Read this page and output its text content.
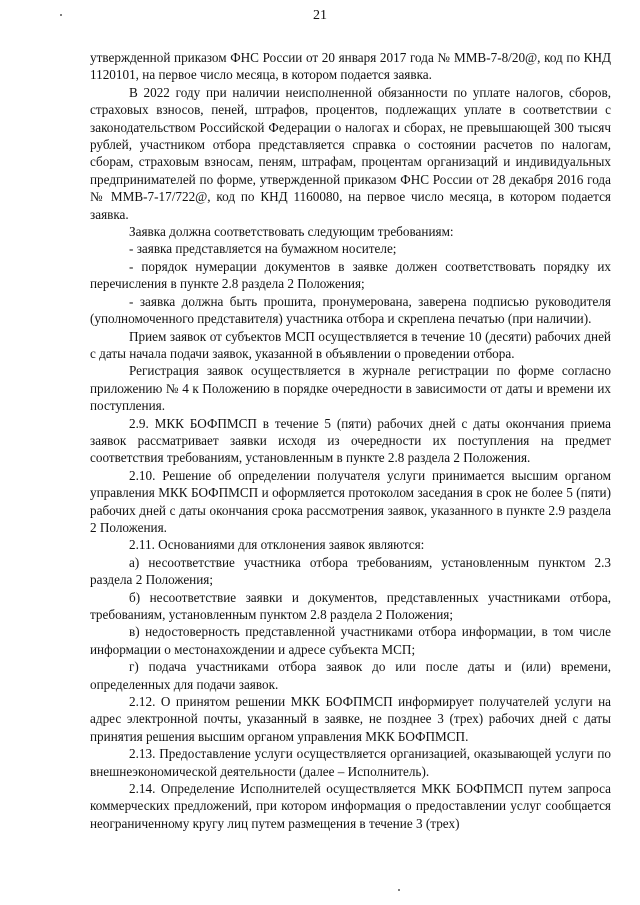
21

утвержденной приказом ФНС России от 20 января 2017 года № ММВ-7-8/20@, код по КНД 1120101, на первое число месяца, в котором подается заявка.

В 2022 году при наличии неисполненной обязанности по уплате налогов, сборов, страховых взносов, пеней, штрафов, процентов, подлежащих уплате в соответствии с законодательством Российской Федерации о налогах и сборах, не превышающей 300 тысяч рублей, участником отбора представляется справка о состоянии расчетов по налогам, сборам, страховым взносам, пеням, штрафам, процентам организаций и индивидуальных предпринимателей по форме, утвержденной приказом ФНС России от 28 декабря 2016 года № ММВ-7-17/722@, код по КНД 1160080, на первое число месяца, в котором подается заявка.

Заявка должна соответствовать следующим требованиям:

- заявка представляется на бумажном носителе;

- порядок нумерации документов в заявке должен соответствовать порядку их перечисления в пункте 2.8 раздела 2 Положения;

- заявка должна быть прошита, пронумерована, заверена подписью руководителя (уполномоченного представителя) участника отбора и скреплена печатью (при наличии).

Прием заявок от субъектов МСП осуществляется в течение 10 (десяти) рабочих дней с даты начала подачи заявок, указанной в объявлении о проведении отбора.

Регистрация заявок осуществляется в журнале регистрации по форме согласно приложению № 4 к Положению в порядке очередности в зависимости от даты и времени их поступления.

2.9. МКК БОФПМСП в течение 5 (пяти) рабочих дней с даты окончания приема заявок рассматривает заявки исходя из очередности их поступления на предмет соответствия требованиям, установленным в пункте 2.8 раздела 2 Положения.

2.10. Решение об определении получателя услуги принимается высшим органом управления МКК БОФПМСП и оформляется протоколом заседания в срок не более 5 (пяти) рабочих дней с даты окончания срока рассмотрения заявок, указанного в пункте 2.9 раздела 2 Положения.

2.11. Основаниями для отклонения заявок являются:

а) несоответствие участника отбора требованиям, установленным пунктом 2.3 раздела 2 Положения;

б) несоответствие заявки и документов, представленных участниками отбора, требованиям, установленным пунктом 2.8 раздела 2 Положения;

в) недостоверность представленной участниками отбора информации, в том числе информации о местонахождении и адресе субъекта МСП;

г) подача участниками отбора заявок до или после даты и (или) времени, определенных для подачи заявок.

2.12. О принятом решении МКК БОФПМСП информирует получателей услуги на адрес электронной почты, указанный в заявке, не позднее 3 (трех) рабочих дней с даты принятия решения высшим органом управления МКК БОФПМСП.

2.13. Предоставление услуги осуществляется организацией, оказывающей услуги по внешнеэкономической деятельности (далее – Исполнитель).

2.14. Определение Исполнителей осуществляется МКК БОФПМСП путем запроса коммерческих предложений, при котором информация о предоставлении услуг сообщается неограниченному кругу лиц путем размещения в течение 3 (трех)
